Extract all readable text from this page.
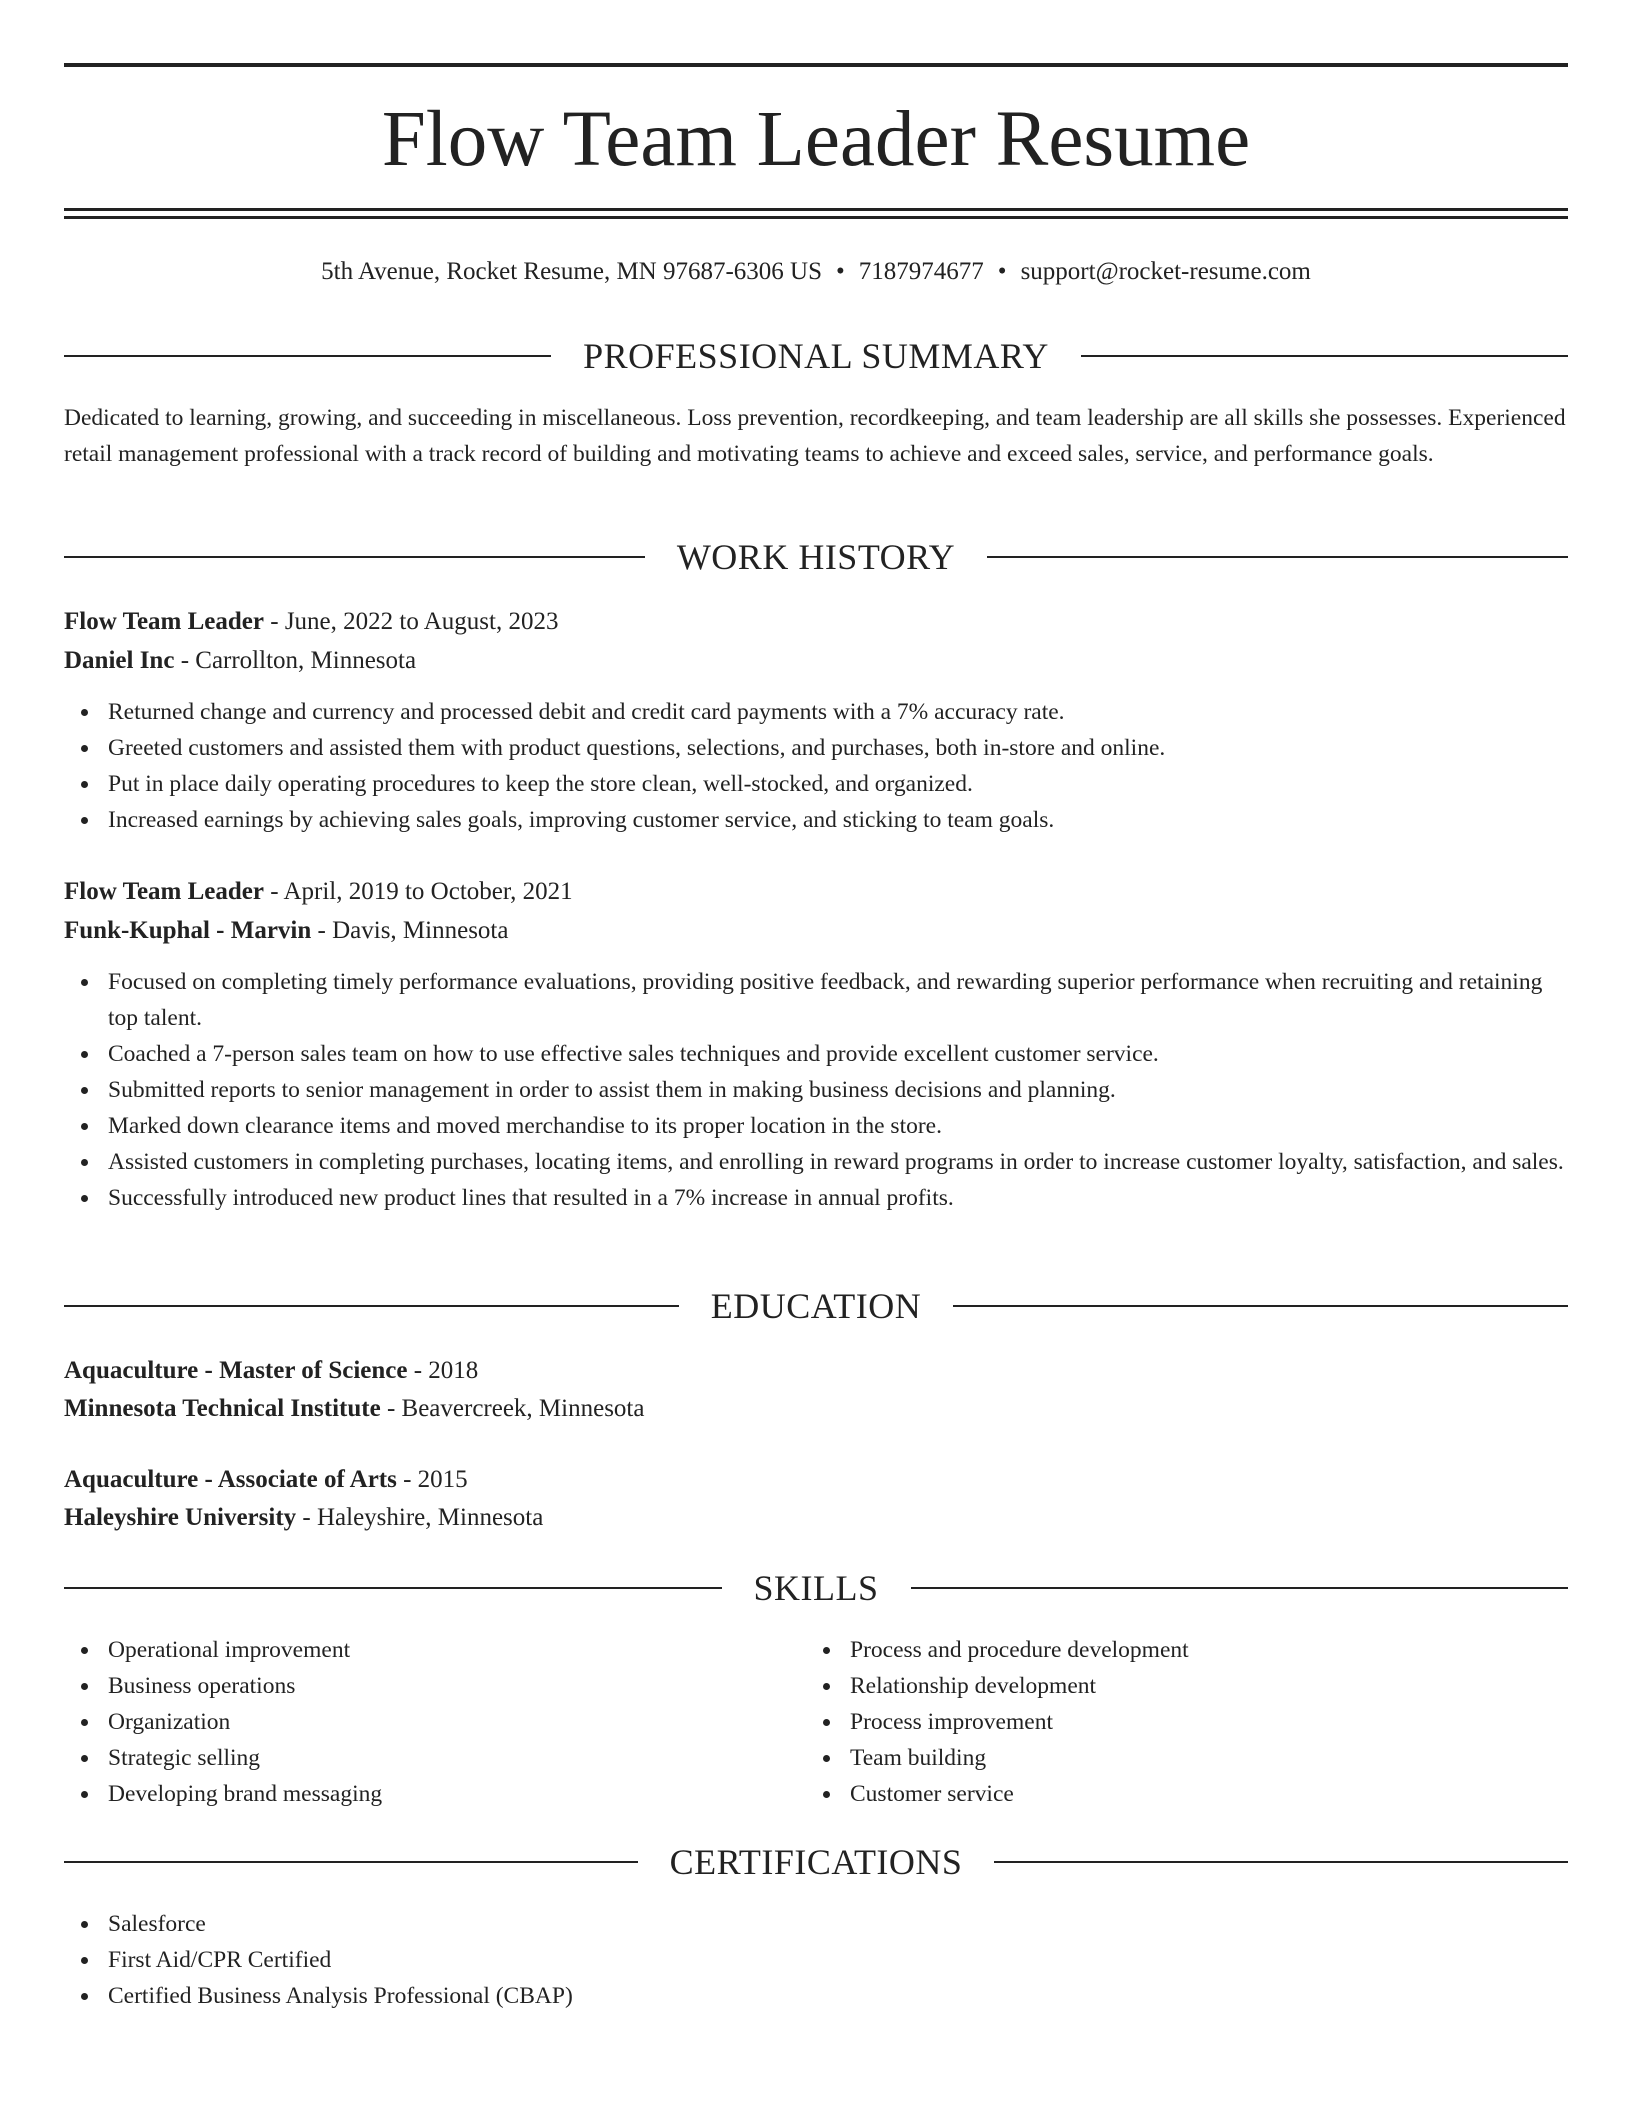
Flow Team Leader Resume
5th Avenue, Rocket Resume, MN 97687-6306 US • 7187974677 • support@rocket-resume.com
PROFESSIONAL SUMMARY

Dedicated to learning, growing, and succeeding in miscellaneous. Loss prevention, recordkeeping, and team leadership are all skills she possesses. Experienced retail management professional with a track record of building and motivating teams to achieve and exceed sales, service, and performance goals.

WORK HISTORY
Flow Team Leader - June, 2022 to August, 2023
Daniel Inc - Carrollton, Minnesota
Returned change and currency and processed debit and credit card payments with a 7% accuracy rate.
Greeted customers and assisted them with product questions, selections, and purchases, both in-store and online.
Put in place daily operating procedures to keep the store clean, well-stocked, and organized.
Increased earnings by achieving sales goals, improving customer service, and sticking to team goals.
Flow Team Leader - April, 2019 to October, 2021
Funk-Kuphal - Marvin - Davis, Minnesota
Focused on completing timely performance evaluations, providing positive feedback, and rewarding superior performance when recruiting and retaining top talent.
Coached a 7-person sales team on how to use effective sales techniques and provide excellent customer service.
Submitted reports to senior management in order to assist them in making business decisions and planning.
Marked down clearance items and moved merchandise to its proper location in the store.
Assisted customers in completing purchases, locating items, and enrolling in reward programs in order to increase customer loyalty, satisfaction, and sales.
Successfully introduced new product lines that resulted in a 7% increase in annual profits.
EDUCATION
Aquaculture - Master of Science - 2018
Minnesota Technical Institute - Beavercreek, Minnesota
Aquaculture - Associate of Arts - 2015
Haleyshire University - Haleyshire, Minnesota
SKILLS
Operational improvement
Business operations
Organization
Strategic selling
Developing brand messaging
Process and procedure development
Relationship development
Process improvement
Team building
Customer service
CERTIFICATIONS
Salesforce
First Aid/CPR Certified
Certified Business Analysis Professional (CBAP)
